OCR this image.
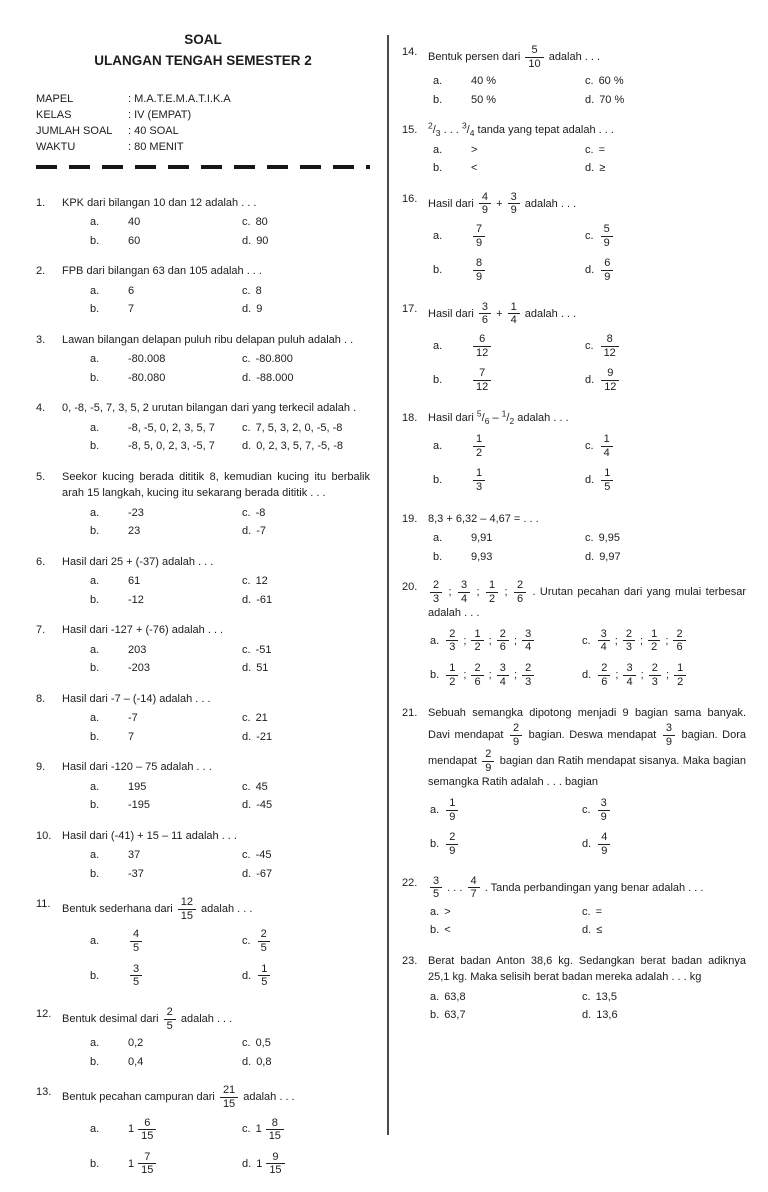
SOAL
ULANGAN TENGAH SEMESTER 2
MAPEL	: M.A.T.E.M.A.T.I.K.A
KELAS	: IV (EMPAT)
JUMLAH SOAL	: 40 SOAL
WAKTU	: 80 MENIT
1.	KPK dari bilangan 10 dan 12 adalah . . .
a.	40
b.	60
c. 80
d. 90
2.	FPB dari bilangan 63 dan 105 adalah . . .
a.	6
b.	7
c. 8
d. 9
3.	Lawan bilangan delapan puluh ribu delapan puluh adalah . .
a.	-80.008
b.	-80.080
c. -80.800
d. -88.000
4.	0, -8, -5, 7, 3, 5, 2 urutan bilangan dari yang terkecil adalah .
a.	-8, -5, 0, 2, 3, 5, 7
b.	-8, 5, 0, 2, 3, -5, 7
c. 7, 5, 3, 2, 0, -5, -8
d. 0, 2, 3, 5, 7, -5, -8
5.	Seekor kucing berada dititik 8, kemudian kucing itu berbalik arah 15 langkah, kucing itu sekarang berada dititik . . .
a.	-23
b.	23
c. -8
d. -7
6.	Hasil dari 25 + (-37) adalah . . .
a.	61
b.	-12
c. 12
d. -61
7.	Hasil dari -127 + (-76) adalah . . .
a.	203
b.	-203
c. -51
d. 51
8.	Hasil dari -7 – (-14) adalah . . .
a.	-7
b.	7
c. 21
d. -21
9.	Hasil dari -120 – 75 adalah . . .
a.	195
b.	-195
c. 45
d. -45
10. Hasil dari (-41) + 15 – 11 adalah . . .
a.	37
b.	-37
c. -45
d. -67
11.	Bentuk sederhana dari $\frac{12}{15}$ adalah . . .
a.	$\frac{4}{5}$
b.	$\frac{3}{5}$
c. $\frac{2}{5}$
d. $\frac{1}{5}$
12. Bentuk desimal dari $\frac{2}{5}$ adalah . . .
a.	0,2
b.	0,4
c. 0,5
d. 0,8
13. Bentuk pecahan campuran dari $\frac{21}{15}$ adalah . . .
a.	$1 \frac{6}{15}$
b.	$1 \frac{7}{15}$
c. $1 \frac{8}{15}$
d. $1 \frac{9}{15}$
14. Bentuk persen dari $\frac{5}{10}$ adalah . . .
a.	40 %
b.	50 %
c. 60 %
d. 70 %
15.	$^2/_3$ . . . $^3/_4$ tanda yang tepat adalah . . .
a.	>
b.	<
c. =
d. ≥
16. Hasil dari $\frac{4}{9} + \frac{3}{9}$ adalah . . .
a.	$\frac{7}{9}$
b.	$\frac{8}{9}$
c. $\frac{5}{9}$
d. $\frac{6}{9}$
17. Hasil dari $\frac{3}{6} + \frac{1}{4}$ adalah . . .
a.	$\frac{6}{12}$
b.	$\frac{7}{12}$
c. $\frac{8}{12}$
d. $\frac{9}{12}$
18. Hasil dari $^5/_6 - ^1/_2$ adalah . . .
a.	$\frac{1}{2}$
b.	$\frac{1}{3}$
c. $\frac{1}{4}$
d. $\frac{1}{5}$
19. 8,3 + 6,32 – 4,67 = . . .
a.	9,91
b.	9,93
c. 9,95
d. 9,97
20.	$\frac{2}{3}$ ; $\frac{3}{4}$ ; $\frac{1}{2}$ ; $\frac{2}{6}$ . Urutan pecahan dari yang mulai terbesar adalah . . .
a. $\frac{2}{3}$ ; $\frac{1}{2}$ ; $\frac{2}{6}$ ; $\frac{3}{4}$
b. $\frac{1}{2}$ ; $\frac{2}{6}$ ; $\frac{3}{4}$ ; $\frac{2}{3}$
c. $\frac{3}{4}$ ; $\frac{2}{3}$ ; $\frac{1}{2}$ ; $\frac{2}{6}$
d. $\frac{2}{6}$ ; $\frac{3}{4}$ ; $\frac{2}{3}$ ; $\frac{1}{2}$
21. Sebuah semangka dipotong menjadi 9 bagian sama banyak. Davi mendapat $\frac{2}{9}$ bagian. Deswa mendapat $\frac{3}{9}$ bagian. Dora mendapat $\frac{2}{9}$ bagian dan Ratih mendapat sisanya. Maka bagian semangka Ratih adalah . . . bagian
a. $\frac{1}{9}$
b. $\frac{2}{9}$
c. $\frac{3}{9}$
d. $\frac{4}{9}$
22.	$\frac{3}{5}$ . . . $\frac{4}{7}$ . Tanda perbandingan yang benar adalah . . .
a. >
b. <
c. =
d. ≤
23. Berat badan Anton 38,6 kg. Sedangkan berat badan adiknya 25,1 kg. Maka selisih berat badan mereka adalah . . . kg
a. 63,8
b. 63,7
c. 13,5
d. 13,6
